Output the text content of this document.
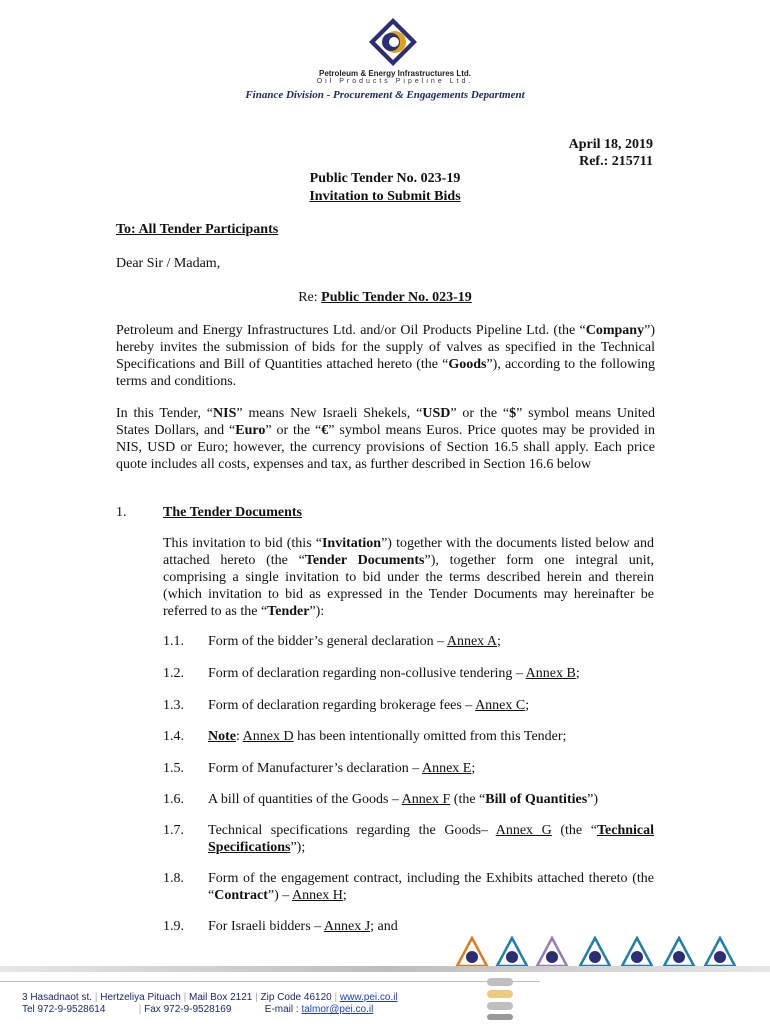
Petroleum & Energy Infrastructures Ltd.
Oil Products Pipeline Ltd.
Finance Division - Procurement & Engagements Department
April 18, 2019
Ref.: 215711
Public Tender No. 023-19
Invitation to Submit Bids
To: All Tender Participants
Dear Sir / Madam,
Re: Public Tender No. 023-19
Petroleum and Energy Infrastructures Ltd. and/or Oil Products Pipeline Ltd. (the “Company”) hereby invites the submission of bids for the supply of valves as specified in the Technical Specifications and Bill of Quantities attached hereto (the “Goods”), according to the following terms and conditions.
In this Tender, “NIS” means New Israeli Shekels, “USD” or the “$” symbol means United States Dollars, and “Euro” or the “€” symbol means Euros. Price quotes may be provided in NIS, USD or Euro; however, the currency provisions of Section 16.5 shall apply. Each price quote includes all costs, expenses and tax, as further described in Section 16.6 below
1.	The Tender Documents
This invitation to bid (this “Invitation”) together with the documents listed below and attached hereto (the “Tender Documents”), together form one integral unit, comprising a single invitation to bid under the terms described herein and therein (which invitation to bid as expressed in the Tender Documents may hereinafter be referred to as the “Tender”):
1.1. Form of the bidder’s general declaration – Annex A;
1.2. Form of declaration regarding non-collusive tendering – Annex B;
1.3. Form of declaration regarding brokerage fees – Annex C;
1.4. Note: Annex D has been intentionally omitted from this Tender;
1.5. Form of Manufacturer’s declaration – Annex E;
1.6. A bill of quantities of the Goods – Annex F (the “Bill of Quantities”)
1.7. Technical specifications regarding the Goods– Annex G (the “Technical Specifications”);
1.8. Form of the engagement contract, including the Exhibits attached thereto (the “Contract”) – Annex H;
1.9. For Israeli bidders – Annex J; and
3 Hasadnaot st. | Hertzeliya Pituach | Mail Box 2121 | Zip Code 46120 | www.pei.co.il
Tel 972-9-9528614            | Fax 972-9-9528169	E-mail : talmor@pei.co.il
